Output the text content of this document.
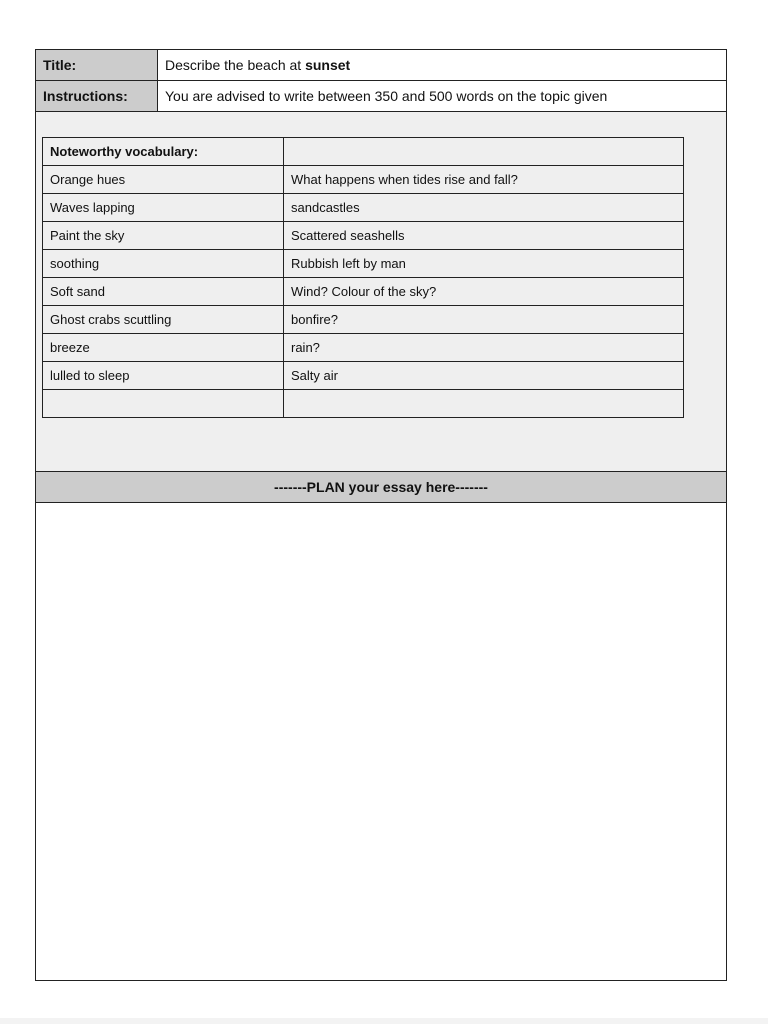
Title:	Describe the beach at sunset
Instructions:	You are advised to write between 350 and 500 words on the topic given
Noteworthy vocabulary:	
Orange hues	What happens when tides rise and fall?
Waves lapping	sandcastles
Paint the sky	Scattered seashells
soothing	Rubbish left by man
Soft sand	Wind? Colour of the sky?
Ghost crabs scuttling	bonfire?
breeze	rain?
lulled to sleep	Salty air

-------PLAN your essay here-------
